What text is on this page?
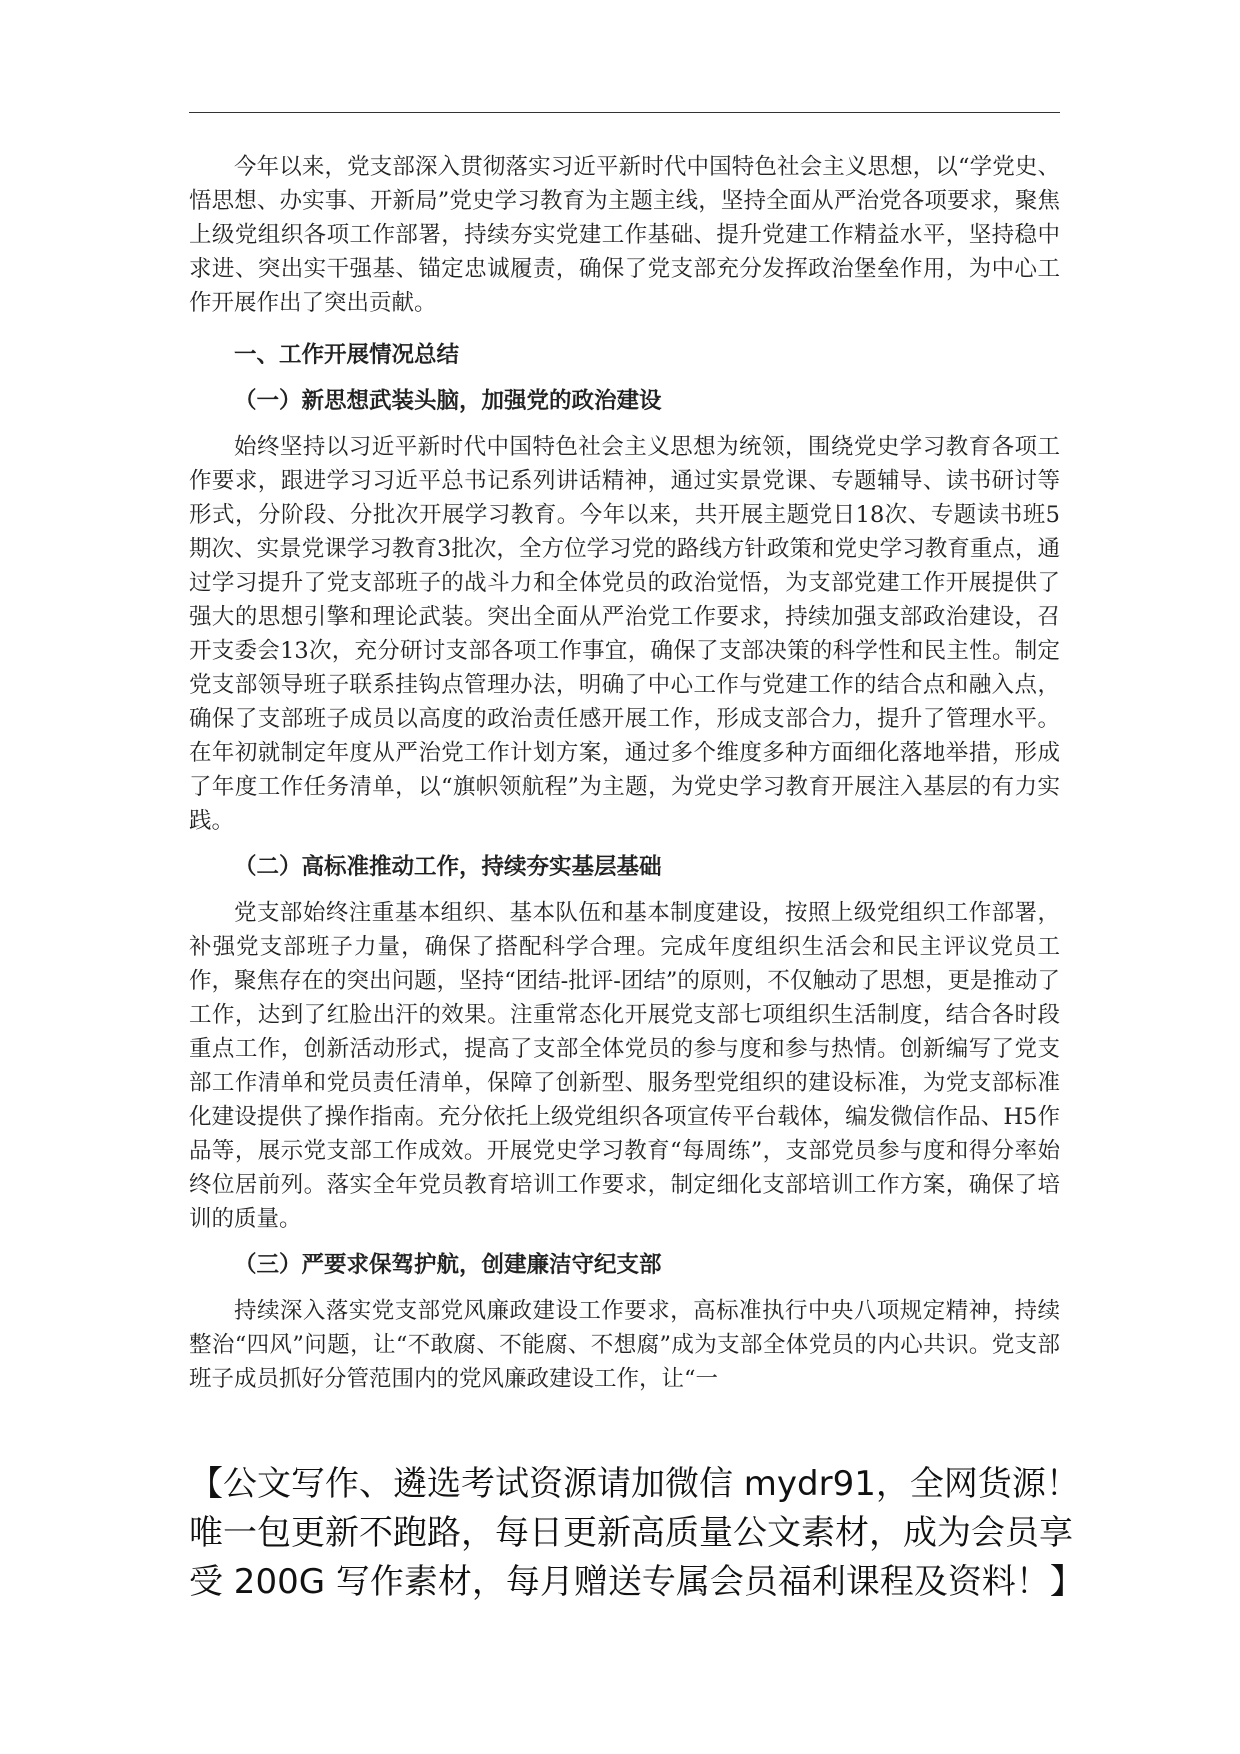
今年以来，党支部深入贯彻落实习近平新时代中国特色社会主义思想，以“学党史、悟思想、办实事、开新局”党史学习教育为主题主线，坚持全面从严治党各项要求，聚焦上级党组织各项工作部署，持续夯实党建工作基础、提升党建工作精益水平，坚持稳中求进、突出实干强基、锚定忠诚履责，确保了党支部充分发挥政治堡垒作用，为中心工作开展作出了突出贡献。

一、工作开展情况总结

（一）新思想武装头脑，加强党的政治建设

始终坚持以习近平新时代中国特色社会主义思想为统领，围绕党史学习教育各项工作要求，跟进学习习近平总书记系列讲话精神，通过实景党课、专题辅导、读书研讨等形式，分阶段、分批次开展学习教育。今年以来，共开展主题党日18次、专题读书班5期次、实景党课学习教育3批次，全方位学习党的路线方针政策和党史学习教育重点，通过学习提升了党支部班子的战斗力和全体党员的政治觉悟，为支部党建工作开展提供了强大的思想引擎和理论武装。突出全面从严治党工作要求，持续加强支部政治建设，召开支委会13次，充分研讨支部各项工作事宜，确保了支部决策的科学性和民主性。制定党支部领导班子联系挂钩点管理办法，明确了中心工作与党建工作的结合点和融入点，确保了支部班子成员以高度的政治责任感开展工作，形成支部合力，提升了管理水平。在年初就制定年度从严治党工作计划方案，通过多个维度多种方面细化落地举措，形成了年度工作任务清单，以“旗帜领航程”为主题，为党史学习教育开展注入基层的有力实践。

（二）高标准推动工作，持续夯实基层基础

党支部始终注重基本组织、基本队伍和基本制度建设，按照上级党组织工作部署，补强党支部班子力量，确保了搭配科学合理。完成年度组织生活会和民主评议党员工作，聚焦存在的突出问题，坚持“团结-批评-团结”的原则，不仅触动了思想，更是推动了工作，达到了红脸出汗的效果。注重常态化开展党支部七项组织生活制度，结合各时段重点工作，创新活动形式，提高了支部全体党员的参与度和参与热情。创新编写了党支部工作清单和党员责任清单，保障了创新型、服务型党组织的建设标准，为党支部标准化建设提供了操作指南。充分依托上级党组织各项宣传平台载体，编发微信作品、H5作品等，展示党支部工作成效。开展党史学习教育“每周练”，支部党员参与度和得分率始终位居前列。落实全年党员教育培训工作要求，制定细化支部培训工作方案，确保了培训的质量。

（三）严要求保驾护航，创建廉洁守纪支部

持续深入落实党支部党风廉政建设工作要求，高标准执行中央八项规定精神，持续整治“四风”问题，让“不敢腐、不能腐、不想腐”成为支部全体党员的内心共识。党支部班子成员抓好分管范围内的党风廉政建设工作，让“一

【公文写作、遴选考试资源请加微信 mydr91，全网货源！唯一包更新不跑路，每日更新高质量公文素材，成为会员享受 200G 写作素材，每月赠送专属会员福利课程及资料！】
